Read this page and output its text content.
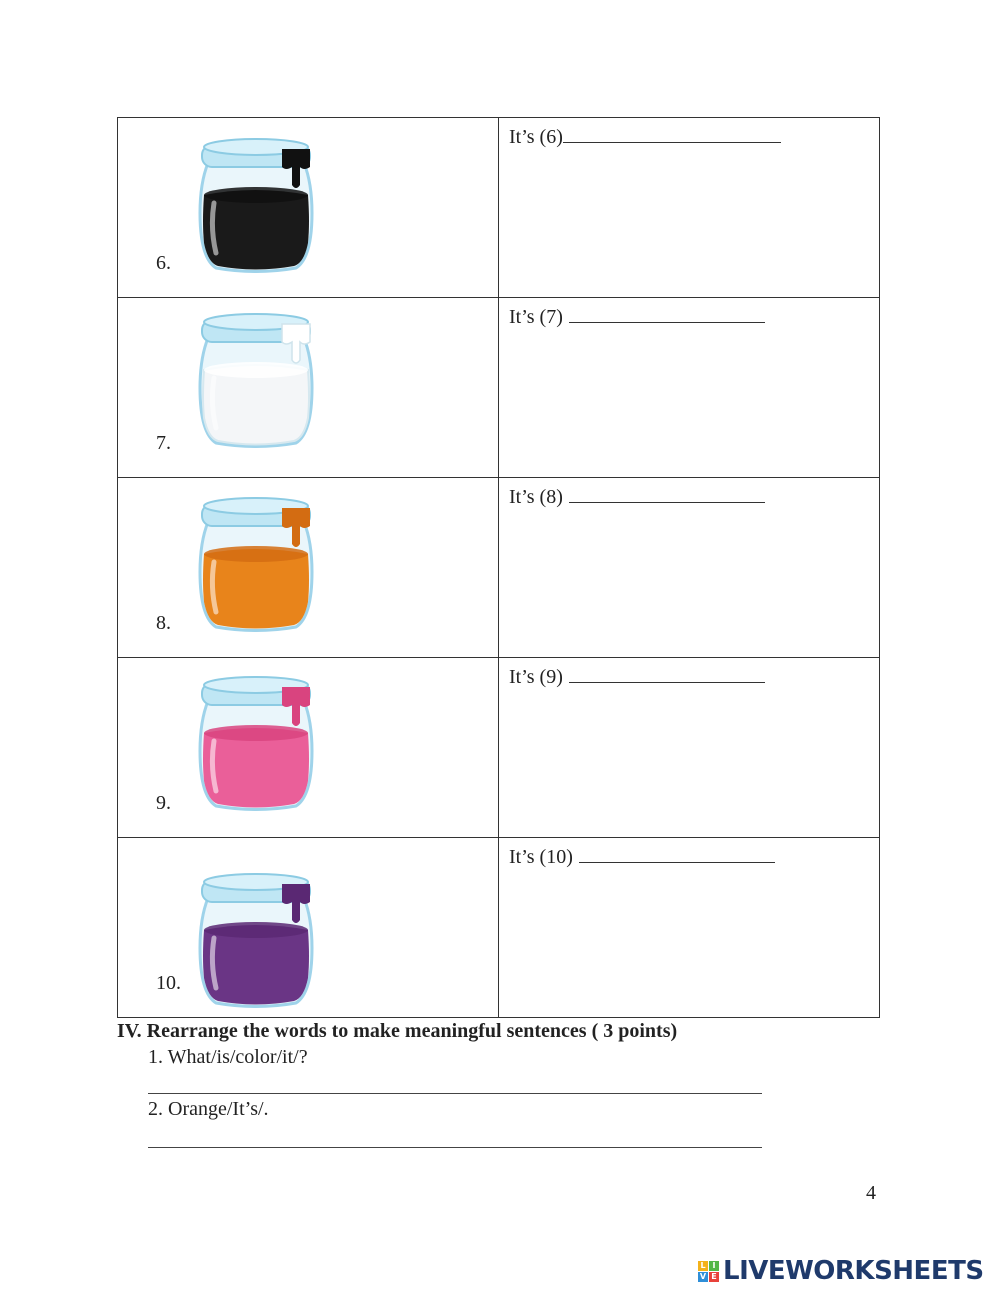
6.	It’s (6)

7.	It’s (7)

8.	It’s (8)

9.	It’s (9)

10.	It’s (10)
IV. Rearrange the words to make meaningful sentences ( 3 points)
1. What/is/color/it/?
2. Orange/It’s/.
4
L I
V E LIVEWORKSHEETS
